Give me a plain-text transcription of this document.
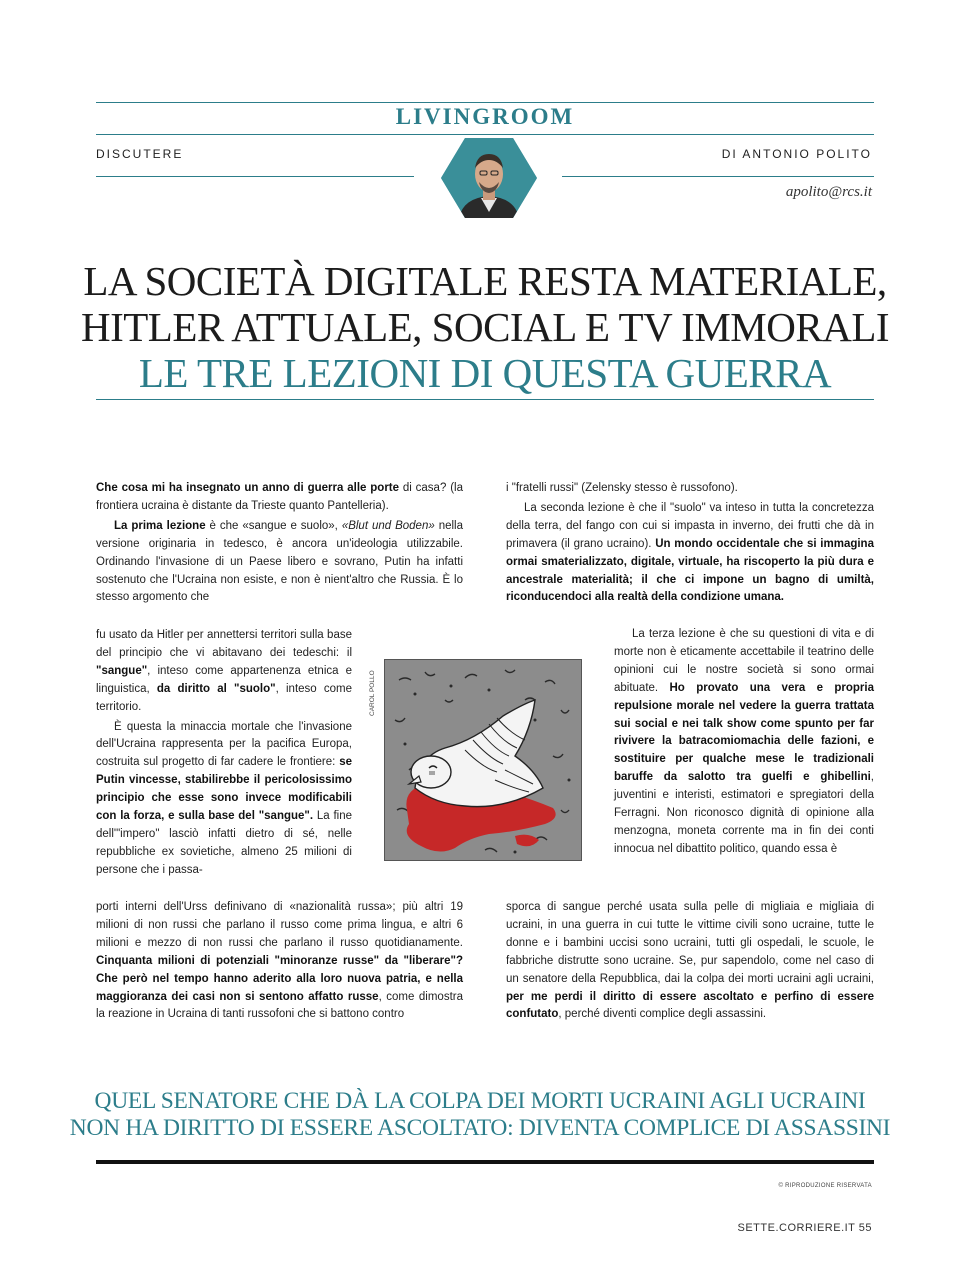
LIVINGROOM
DISCUTERE	DI ANTONIO POLITO
apolito@rcs.it
LA SOCIETÀ DIGITALE RESTA MATERIALE,
HITLER ATTUALE, SOCIAL E TV IMMORALI
LE TRE LEZIONI DI QUESTA GUERRA

Che cosa mi ha insegnato un anno di guerra alle porte di casa? (la frontiera ucraina è distante da Trieste quanto Pantelleria).

La prima lezione è che «sangue e suolo», «Blut und Boden» nella versione originaria in tedesco, è ancora un'ideologia utilizzabile. Ordinando l'invasione di un Paese libero e sovrano, Putin ha infatti sostenuto che l'Ucraina non esiste, e non è nient'altro che Russia. È lo stesso argomento che

fu usato da Hitler per annettersi territori sulla base del principio che vi abitavano dei tedeschi: il "sangue", inteso come appartenenza etnica e linguistica, da diritto al "suolo", inteso come territorio.

È questa la minaccia mortale che l'invasione dell'Ucraina rappresenta per la pacifica Europa, costruita sul progetto di far cadere le frontiere: se Putin vincesse, stabilirebbe il pericolosissimo principio che esse sono invece modificabili con la forza, e sulla base del "sangue". La fine dell'"impero" lasciò infatti dietro di sé, nelle repubbliche ex sovietiche, almeno 25 milioni di persone che i passa-

porti interni dell'Urss definivano di «nazionalità russa»; più altri 19 milioni di non russi che parlano il russo come prima lingua, e altri 6 milioni e mezzo di non russi che parlano il russo quotidianamente. Cinquanta milioni di potenziali "minoranze russe" da "liberare"? Che però nel tempo hanno aderito alla loro nuova patria, e nella maggioranza dei casi non si sentono affatto russe, come dimostra la reazione in Ucraina di tanti russofoni che si battono contro

CAROL POLLO

i "fratelli russi" (Zelensky stesso è russofono).

La seconda lezione è che il "suolo" va inteso in tutta la concretezza della terra, del fango con cui si impasta in inverno, dei frutti che dà in primavera (il grano ucraino). Un mondo occidentale che si immagina ormai smaterializzato, digitale, virtuale, ha riscoperto la più dura e ancestrale materialità; il che ci impone un bagno di umiltà, riconducendoci alla realtà della condizione umana.

La terza lezione è che su questioni di vita e di morte non è eticamente accettabile il teatrino delle opinioni cui le nostre società si sono ormai abituate. Ho provato una vera e propria repulsione morale nel vedere la guerra trattata sui social e nei talk show come spunto per far rivivere la batracomiomachia delle fazioni, e sostituire per qualche mese le tradizionali baruffe da salotto tra guelfi e ghibellini, juventini e interisti, estimatori e spregiatori della Ferragni. Non riconosco dignità di opinione alla menzogna, moneta corrente ma in fin dei conti innocua nel dibattito politico, quando essa è

sporca di sangue perché usata sulla pelle di migliaia e migliaia di ucraini, in una guerra in cui tutte le vittime civili sono ucraine, tutte le donne e i bambini uccisi sono ucraini, tutti gli ospedali, le scuole, le fabbriche distrutte sono ucraine. Se, pur sapendolo, come nel caso di un senatore della Repubblica, dai la colpa dei morti ucraini agli ucraini, per me perdi il diritto di essere ascoltato e perfino di essere confutato, perché diventi complice degli assassini.

QUEL SENATORE CHE DÀ LA COLPA DEI MORTI UCRAINI AGLI UCRAINI
NON HA DIRITTO DI ESSERE ASCOLTATO: DIVENTA COMPLICE DI ASSASSINI
© RIPRODUZIONE RISERVATA
SETTE.CORRIERE.IT 55
